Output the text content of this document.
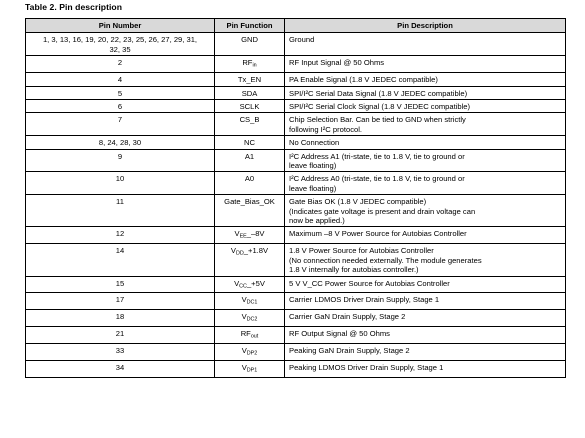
Table 2. Pin description
Pin Number	Pin Function	Pin Description

1, 3, 13, 16, 19, 20, 22, 23, 25, 26, 27, 29, 31,
32, 35	GND	Ground

2	$RF_{in}$	RF Input Signal @ 50 Ohms

4	Tx_EN	PA Enable Signal (1.8 V JEDEC compatible)

5	SDA	SPI/I²C Serial Data Signal (1.8 V JEDEC compatible)

6	SCLK	SPI/I²C Serial Clock Signal (1.8 V JEDEC compatible)

7	CS_B	Chip Selection Bar. Can be tied to GND when strictly
following I²C protocol.

8, 24, 28, 30	NC	No Connection

9	A1	I²C Address A1 (tri-state, tie to 1.8 V, tie to ground or
leave floating)

10	A0	I²C Address A0 (tri-state, tie to 1.8 V, tie to ground or
leave floating)

11	Gate_Bias_OK	Gate Bias OK (1.8 V JEDEC compatible)
(Indicates gate voltage is present and drain voltage can
now be applied.)

12	$V_{EE}\_-8V$	Maximum –8 V Power Source for Autobias Controller

14	$V_{DD}\_+1.8V$	1.8 V Power Source for Autobias Controller
(No connection needed externally. The module generates
1.8 V internally for autobias controller.)

15	$V_{CC}\_+5V$	5 V V_CC Power Source for Autobias Controller

17	$V_{DC1}$	Carrier LDMOS Driver Drain Supply, Stage 1

18	$V_{DC2}$	Carrier GaN Drain Supply, Stage 2

21	$RF_{out}$	RF Output Signal @ 50 Ohms

33	$V_{DP2}$	Peaking GaN Drain Supply, Stage 2

34	$V_{DP1}$	Peaking LDMOS Driver Drain Supply, Stage 1
